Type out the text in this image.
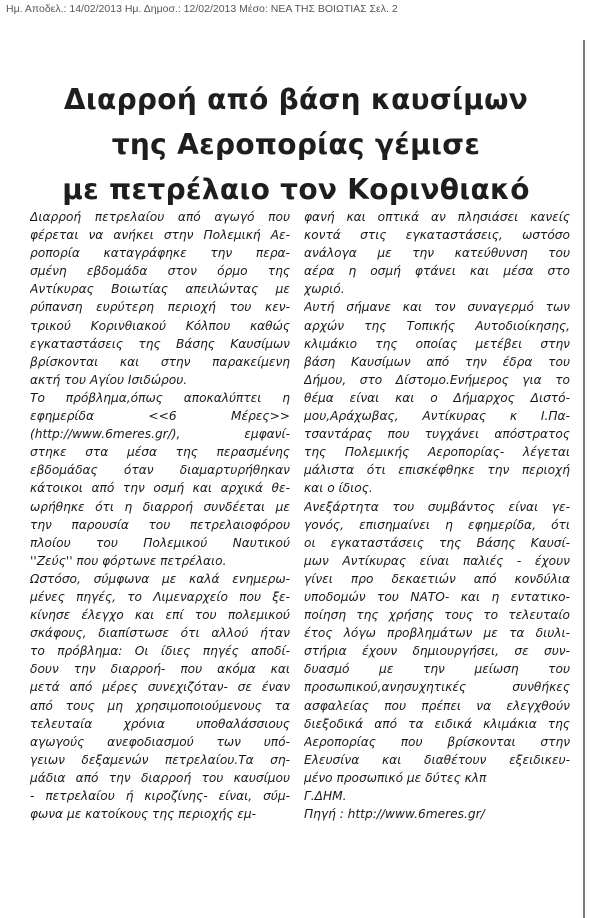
Ημ. Αποδελ.: 14/02/2013 Ημ. Δημοσ.: 12/02/2013 Μέσο: ΝΕΑ ΤΗΣ ΒΟΙΩΤΙΑΣ Σελ. 2
Διαρροή από βάση καυσίμων
της Αεροπορίας γέμισε
με πετρέλαιο τον Κορινθιακό
Διαρροή πετρελαίου από αγωγό που
φέρεται να ανήκει στην Πολεμική Αε-
ροπορία καταγράφηκε την περα-
σμένη εβδομάδα στον όρμο της
Αντίκυρας Βοιωτίας απειλώντας με
ρύπανση ευρύτερη περιοχή του κεν-
τρικού Κορινθιακού Κόλπου καθώς
εγκαταστάσεις της Βάσης Καυσίμων
βρίσκονται και στην παρακείμενη
ακτή του Αγίου Ισιδώρου.
Το πρόβλημα,όπως αποκαλύπτει η
εφημερίδα <<6 Μέρες>>
(http://www.6meres.gr/), εμφανί-
στηκε στα μέσα της περασμένης
εβδομάδας όταν διαμαρτυρήθηκαν
κάτοικοι από την οσμή και αρχικά θε-
ωρήθηκε ότι η διαρροή συνδέεται με
την παρουσία του πετρελαιοφόρου
πλοίου του Πολεμικού Ναυτικού
''Ζεύς'' που φόρτωνε πετρέλαιο.
Ωστόσο, σύμφωνα με καλά ενημερω-
μένες πηγές, το Λιμεναρχείο που ξε-
κίνησε έλεγχο και επί του πολεμικού
σκάφους, διαπίστωσε ότι αλλού ήταν
το πρόβλημα: Οι ίδιες πηγές αποδί-
δουν την διαρροή- που ακόμα και
μετά από μέρες συνεχιζόταν- σε έναν
από τους μη χρησιμοποιούμενους τα
τελευταία χρόνια υποθαλάσσιους
αγωγούς ανεφοδιασμού των υπό-
γειων δεξαμενών πετρελαίου.Τα ση-
μάδια από την διαρροή του καυσίμου
- πετρελαίου ή κιροζίνης- είναι, σύμ-
φωνα με κατοίκους της περιοχής εμ-
φανή και οπτικά αν πλησιάσει κανείς
κοντά στις εγκαταστάσεις, ωστόσο
ανάλογα με την κατεύθυνση του
αέρα η οσμή φτάνει και μέσα στο
χωριό.
Αυτή σήμανε και τον συναγερμό των
αρχών της Τοπικής Αυτοδιοίκησης,
κλιμάκιο της οποίας μετέβει στην
βάση Καυσίμων από την έδρα του
Δήμου, στο Δίστομο.Ενήμερος για το
θέμα είναι και ο Δήμαρχος Διστό-
μου,Αράχωβας, Αντίκυρας κ Ι.Πα-
τσαντάρας που τυγχάνει απόστρατος
της Πολεμικής Αεροπορίας- λέγεται
μάλιστα ότι επισκέφθηκε την περιοχή
και ο ίδιος.
Ανεξάρτητα του συμβάντος είναι γε-
γονός, επισημαίνει η εφημερίδα, ότι
οι εγκαταστάσεις της Βάσης Καυσί-
μων Αντίκυρας είναι παλιές - έχουν
γίνει προ δεκαετιών από κονδύλια
υποδομών του ΝΑΤΟ- και η εντατικο-
ποίηση της χρήσης τους το τελευταίο
έτος λόγω προβλημάτων με τα διυλι-
στήρια έχουν δημιουργήσει, σε συν-
δυασμό με την μείωση του
προσωπικού,ανησυχητικές συνθήκες
ασφαλείας που πρέπει να ελεγχθούν
διεξοδικά από τα ειδικά κλιμάκια της
Αεροπορίας που βρίσκονται στην
Ελευσίνα και διαθέτουν εξειδικευ-
μένο προσωπικό με δύτες κλπ
Γ.ΔΗΜ.
Πηγή : http://www.6meres.gr/
